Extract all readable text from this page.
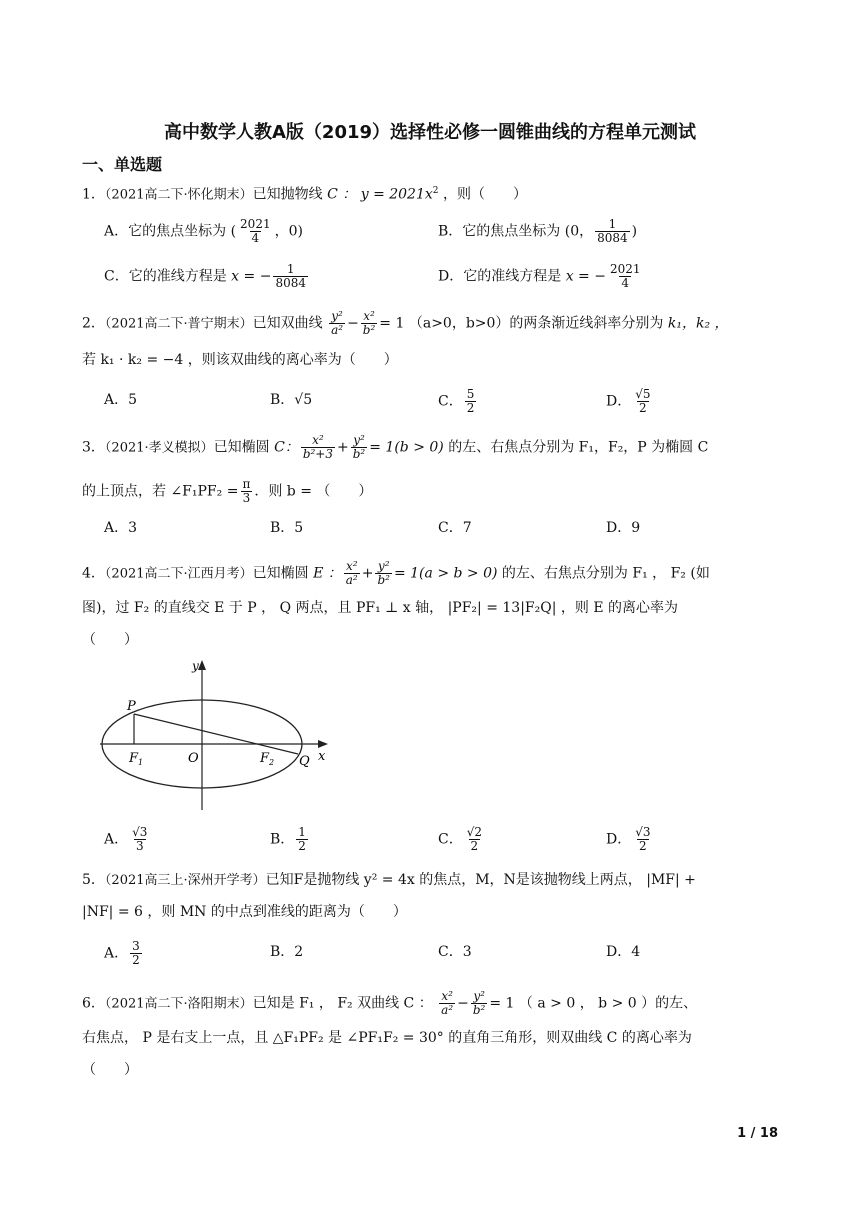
高中数学人教A版（2019）选择性必修一圆锥曲线的方程单元测试
一、单选题
1．（2021高二下·怀化期末）已知抛物线 C ： $y = 2021x^2$ ，则（　　）
A．它的焦点坐标为 ( $\frac{2021}{4}$ ，0)	B．它的焦点坐标为 (0， $\frac{1}{8084}$ )
C．它的准线方程是 x = − $\frac{1}{8084}$	D．它的准线方程是 x = − $\frac{2021}{4}$
2．（2021高二下·普宁期末）已知双曲线 $\frac{\text{y²}}{\text{a²}} - \frac{\text{x²}}{\text{b²}} = 1$ （a>0，b>0）的两条渐近线斜率分别为 k₁，k₂ ，
若 k₁ · k₂ = −4 ，则该双曲线的离心率为（　　）
A．5	B．√5	C． $\frac{5}{2}$	D． $\frac{√5}{2}$
3．（2021·孝义模拟）已知椭圆 C： $\frac{\text{x²}}{\text{b²+3}} + \frac{\text{y²}}{\text{b²}} = 1(b > 0)$ 的左、右焦点分别为 F₁，F₂，P 为椭圆 C
的上顶点，若 ∠F₁PF₂ = $\frac{\pi}{3}$ ．则 b = （　　）
A．3	B．5	C．7	D．9
4．（2021高二下·江西月考）已知椭圆 E ： $\frac{\text{x²}}{\text{a²}} + \frac{\text{y²}}{\text{b²}} = 1(a > b > 0)$ 的左、右焦点分别为 F₁ ， F₂ (如
图)，过 F₂ 的直线交 E 于 P ， Q 两点，且 PF₁ ⊥ x 轴， |PF₂| = 13|F₂Q| ，则 E 的离心率为
（　　）
y
x
P
O	Q
$F_1$	$F_2$
A． $\frac{√3}{3}$	B． $\frac{1}{2}$	C． $\frac{√2}{2}$	D． $\frac{√3}{2}$
5．（2021高三上·深州开学考）已知F是抛物线 y² = 4x 的焦点，M，N是该抛物线上两点， |MF| +
|NF| = 6 ，则 MN 的中点到准线的距离为（　　）
A． $\frac{3}{2}$	B．2	C．3	D．4
6．（2021高二下·洛阳期末）已知是 F₁ ， F₂ 双曲线 C ： $\frac{\text{x²}}{\text{a²}} - \frac{\text{y²}}{\text{b²}} = 1$ （ a > 0 ， b > 0 ）的左、
右焦点， P 是右支上一点，且 △F₁PF₂ 是 ∠PF₁F₂ = 30° 的直角三角形，则双曲线 C 的离心率为
（　　）
1 / 18
